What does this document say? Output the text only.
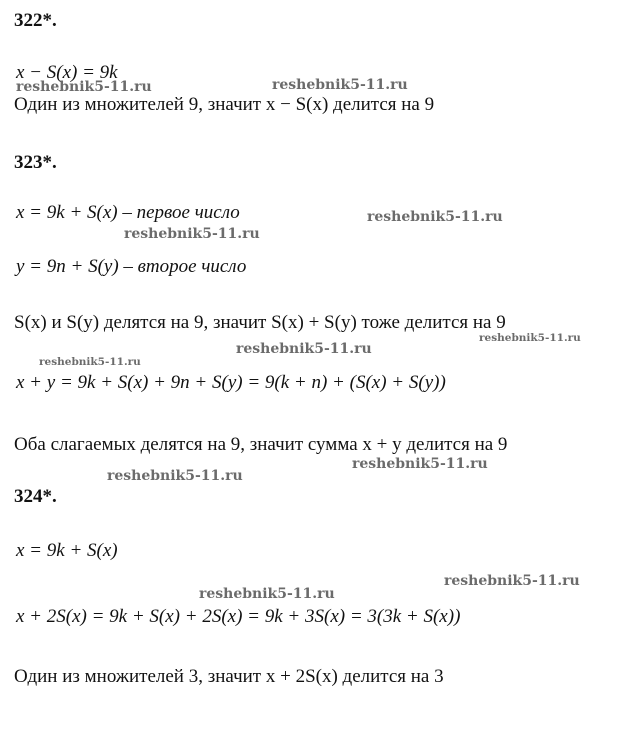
322*.
x − S(x) = 9k
Один из множителей 9, значит x − S(x) делится на 9
323*.
x = 9k + S(x) – первое число
y = 9n + S(y) – второе число
S(x) и S(y) делятся на 9, значит S(x) + S(y) тоже делится на 9
x + y = 9k + S(x) + 9n + S(y) = 9(k + n) + (S(x) + S(y))
Оба слагаемых делятся на 9, значит сумма x + y делится на 9
324*.
x = 9k + S(x)
x + 2S(x) = 9k + S(x) + 2S(x) = 9k + 3S(x) = 3(3k + S(x))
Один из множителей 3, значит x + 2S(x) делится на 3
reshebnik5-11.ru	reshebnik5-11.ru
reshebnik5-11.ru
reshebnik5-11.ru
reshebnik5-11.ru
reshebnik5-11.ru
reshebnik5-11.ru
reshebnik5-11.ru
reshebnik5-11.ru
reshebnik5-11.ru
reshebnik5-11.ru
